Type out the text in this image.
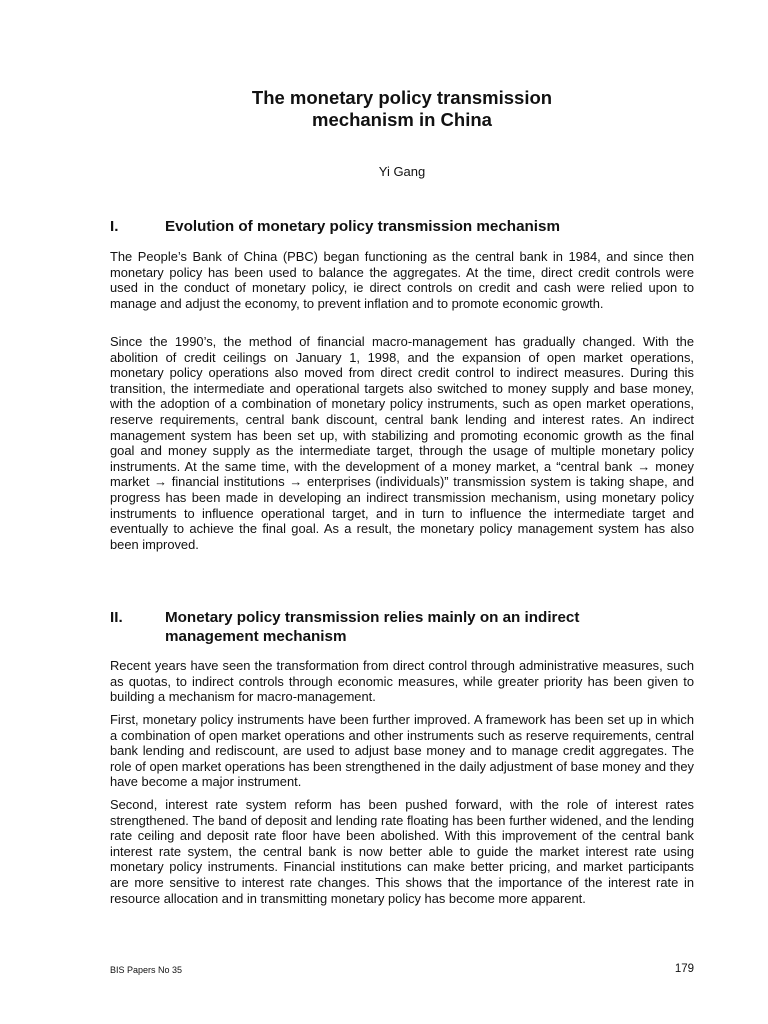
The monetary policy transmission
mechanism in China
Yi Gang
I.	Evolution of monetary policy transmission mechanism

The People’s Bank of China (PBC) began functioning as the central bank in 1984, and since then monetary policy has been used to balance the aggregates. At the time, direct credit controls were used in the conduct of monetary policy, ie direct controls on credit and cash were relied upon to manage and adjust the economy, to prevent inflation and to promote economic growth.

Since the 1990’s, the method of financial macro-management has gradually changed. With the abolition of credit ceilings on January 1, 1998, and the expansion of open market operations, monetary policy operations also moved from direct credit control to indirect measures. During this transition, the intermediate and operational targets also switched to money supply and base money, with the adoption of a combination of monetary policy instruments, such as open market operations, reserve requirements, central bank discount, central bank lending and interest rates. An indirect management system has been set up, with stabilizing and promoting economic growth as the final goal and money supply as the intermediate target, through the usage of multiple monetary policy instruments. At the same time, with the development of a money market, a “central bank → money market → financial institutions → enterprises (individuals)” transmission system is taking shape, and progress has been made in developing an indirect transmission mechanism, using monetary policy instruments to influence operational target, and in turn to influence the intermediate target and eventually to achieve the final goal. As a result, the monetary policy management system has also been improved.

II.	Monetary policy transmission relies mainly on an indirect
management mechanism

Recent years have seen the transformation from direct control through administrative measures, such as quotas, to indirect controls through economic measures, while greater priority has been given to building a mechanism for macro-management.

First, monetary policy instruments have been further improved. A framework has been set up in which a combination of open market operations and other instruments such as reserve requirements, central bank lending and rediscount, are used to adjust base money and to manage credit aggregates. The role of open market operations has been strengthened in the daily adjustment of base money and they have become a major instrument.

Second, interest rate system reform has been pushed forward, with the role of interest rates strengthened. The band of deposit and lending rate floating has been further widened, and the lending rate ceiling and deposit rate floor have been abolished. With this improvement of the central bank interest rate system, the central bank is now better able to guide the market interest rate using monetary policy instruments. Financial institutions can make better pricing, and market participants are more sensitive to interest rate changes. This shows that the importance of the interest rate in resource allocation and in transmitting monetary policy has become more apparent.

BIS Papers No 35	179
